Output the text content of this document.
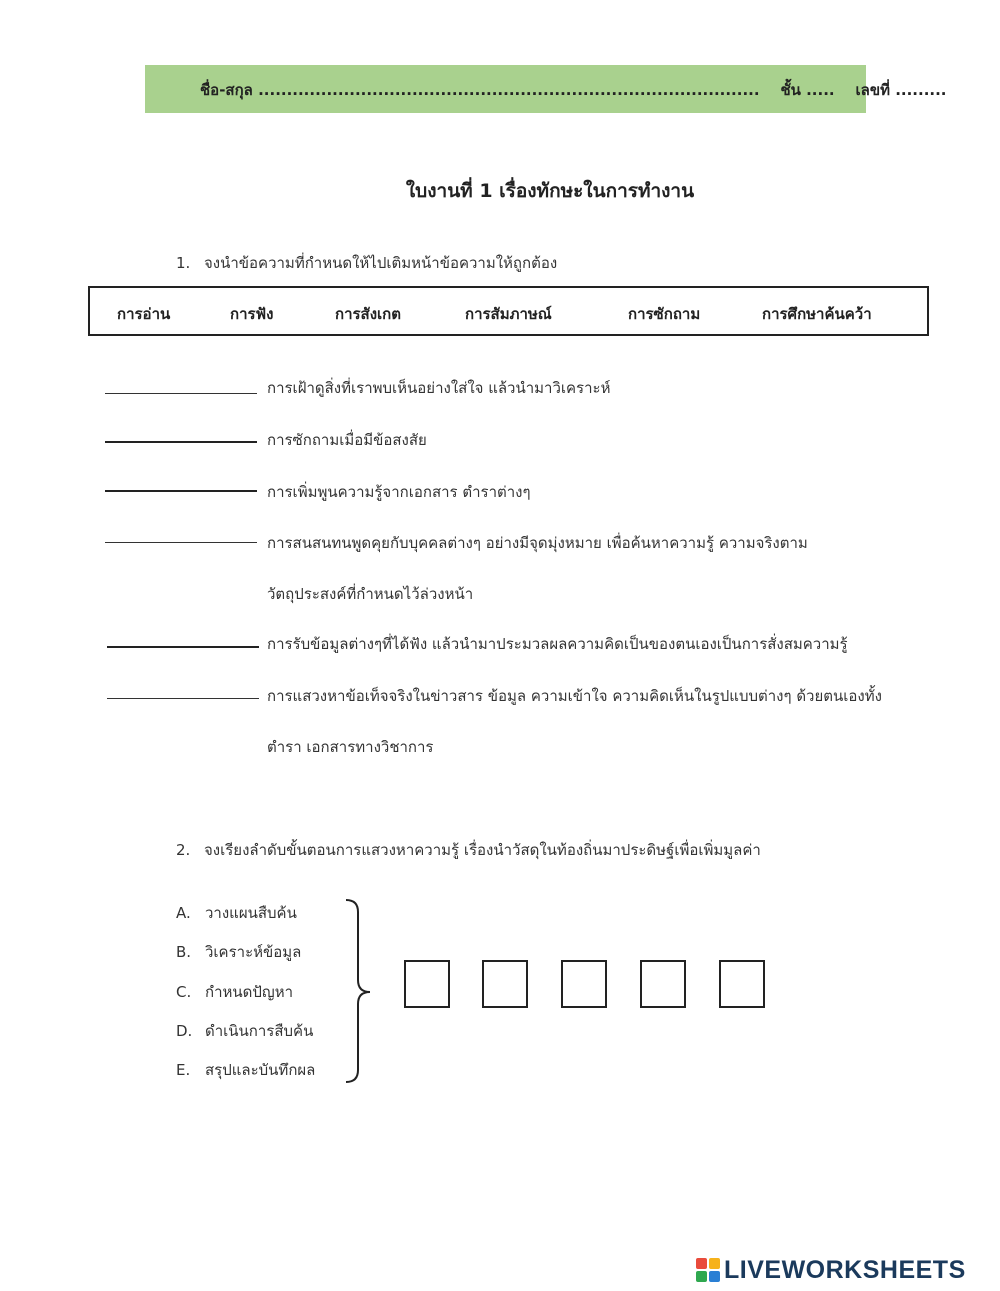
ชื่อ-สกุล ........................................................................................ ชั้น ..... เลขที่ .........
ใบงานที่ 1 เรื่องทักษะในการทำงาน
1. จงนำข้อความที่กำหนดให้ไปเติมหน้าข้อความให้ถูกต้อง
การอ่าน	การฟัง	การสังเกต	การสัมภาษณ์	การซักถาม	การศึกษาค้นคว้า
การเฝ้าดูสิ่งที่เราพบเห็นอย่างใส่ใจ แล้วนำมาวิเคราะห์
การซักถามเมื่อมีข้อสงสัย
การเพิ่มพูนความรู้จากเอกสาร ตำราต่างๆ
การสนสนทนพูดคุยกับบุคคลต่างๆ อย่างมีจุดมุ่งหมาย เพื่อค้นหาความรู้ ความจริงตาม
วัตถุประสงค์ที่กำหนดไว้ล่วงหน้า
การรับข้อมูลต่างๆที่ได้ฟัง แล้วนำมาประมวลผลความคิดเป็นของตนเองเป็นการสั่งสมความรู้
การแสวงหาข้อเท็จจริงในข่าวสาร ข้อมูล ความเข้าใจ ความคิดเห็นในรูปแบบต่างๆ ด้วยตนเองทั้ง
ตำรา เอกสารทางวิชาการ
2. จงเรียงลำดับขั้นตอนการแสวงหาความรู้ เรื่องนำวัสดุในท้องถิ่นมาประดิษฐ์เพื่อเพิ่มมูลค่า
A. วางแผนสืบค้น
B. วิเคราะห์ข้อมูล
C. กำหนดปัญหา
D. ดำเนินการสืบค้น
E. สรุปและบันทึกผล
LIVEWORKSHEETS
